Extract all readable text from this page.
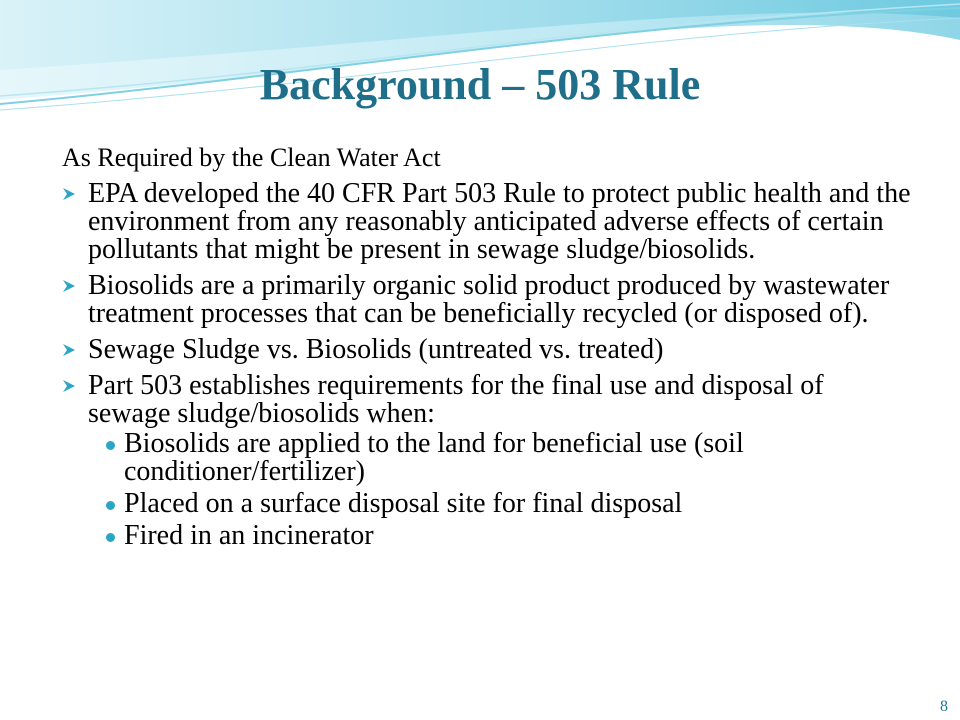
Background – 503 Rule
As Required by the Clean Water Act
EPA developed the 40 CFR Part 503 Rule to protect public health and the environment from any reasonably anticipated adverse effects of certain pollutants that might be present in sewage sludge/biosolids.
Biosolids are a primarily organic solid product produced by wastewater treatment processes that can be beneficially recycled (or disposed of).
Sewage Sludge vs. Biosolids (untreated vs. treated)
Part 503 establishes requirements for the final use and disposal of sewage sludge/biosolids when:
Biosolids are applied to the land for beneficial use (soil conditioner/fertilizer)
Placed on a surface disposal site for final disposal
Fired in an incinerator
8
